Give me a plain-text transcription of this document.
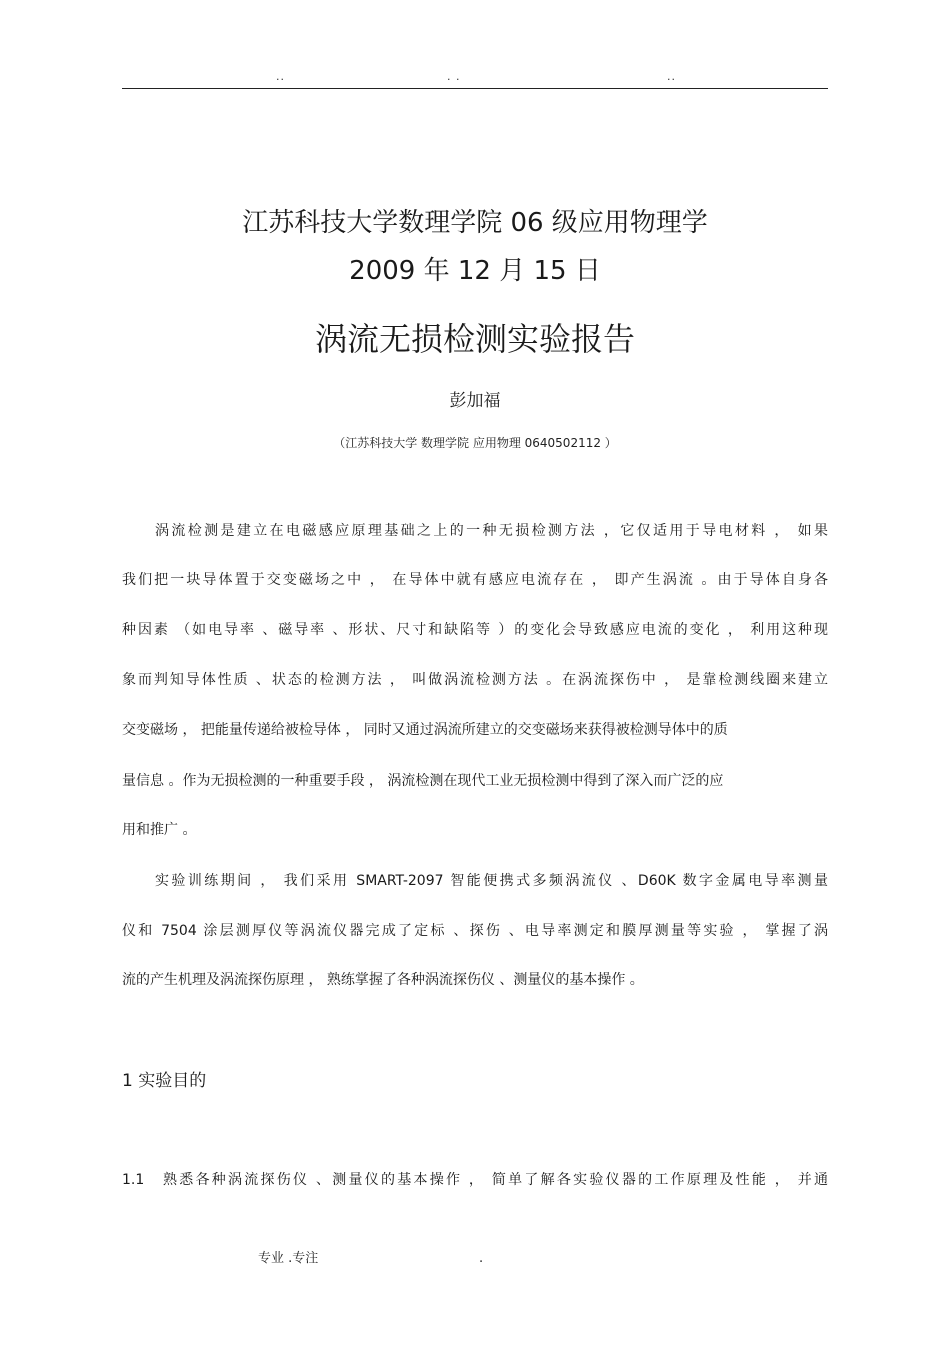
..	. .	..
江苏科技大学数理学院 06 级应用物理学
2009 年 12 月 15 日
涡流无损检测实验报告
彭加福
（江苏科技大学 数理学院 应用物理 0640502112 ）
涡流检测是建立在电磁感应原理基础之上的一种无损检测方法 ，它仅适用于导电材料 ， 如果
我们把一块导体置于交变磁场之中 ， 在导体中就有感应电流存在 ， 即产生涡流 。由于导体自身各
种因素 （如电导率 、磁导率 、形状、尺寸和缺陷等 ）的变化会导致感应电流的变化 ， 利用这种现
象而判知导体性质 、状态的检测方法 ， 叫做涡流检测方法 。在涡流探伤中 ， 是靠检测线圈来建立
交变磁场 ， 把能量传递给被检导体 ， 同时又通过涡流所建立的交变磁场来获得被检测导体中的质
量信息 。作为无损检测的一种重要手段 ， 涡流检测在现代工业无损检测中得到了深入而广泛的应
用和推广 。
实验训练期间 ， 我们采用 SMART-2097 智能便携式多频涡流仪 、D60K 数字金属电导率测量
仪和 7504 涂层测厚仪等涡流仪器完成了定标 、探伤 、电导率测定和膜厚测量等实验 ， 掌握了涡
流的产生机理及涡流探伤原理 ， 熟练掌握了各种涡流探伤仪 、测量仪的基本操作 。
1 实验目的
1.1	熟悉各种涡流探伤仪 、测量仪的基本操作 ， 简单了解各实验仪器的工作原理及性能 ， 并通
专业 .专注	.
